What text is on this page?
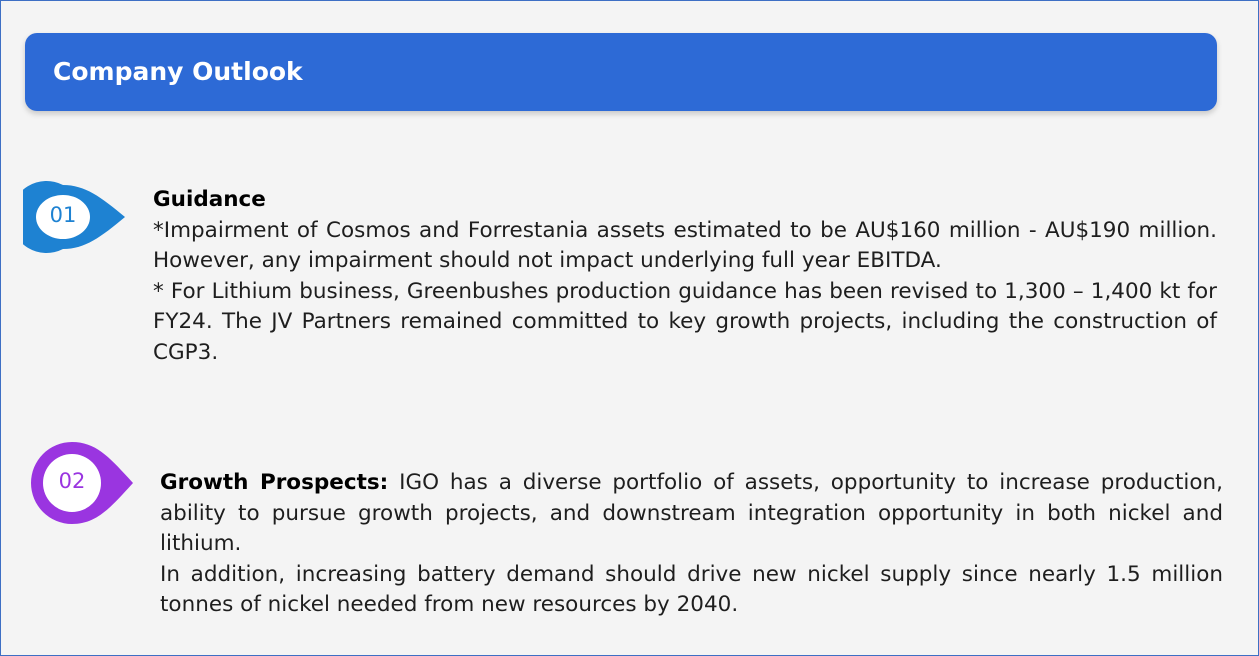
Company Outlook
01
Guidance

*Impairment of Cosmos and Forrestania assets estimated to be AU$160 million - AU$190 million. However, any impairment should not impact underlying full year EBITDA.

* For Lithium business, Greenbushes production guidance has been revised to 1,300 – 1,400 kt for FY24. The JV Partners remained committed to key growth projects, including the construction of CGP3.

02	Growth Prospects: IGO has a diverse portfolio of assets, opportunity to increase production, ability to pursue growth projects, and downstream integration opportunity in both nickel and lithium.

In addition, increasing battery demand should drive new nickel supply since nearly 1.5 million tonnes of nickel needed from new resources by 2040.
